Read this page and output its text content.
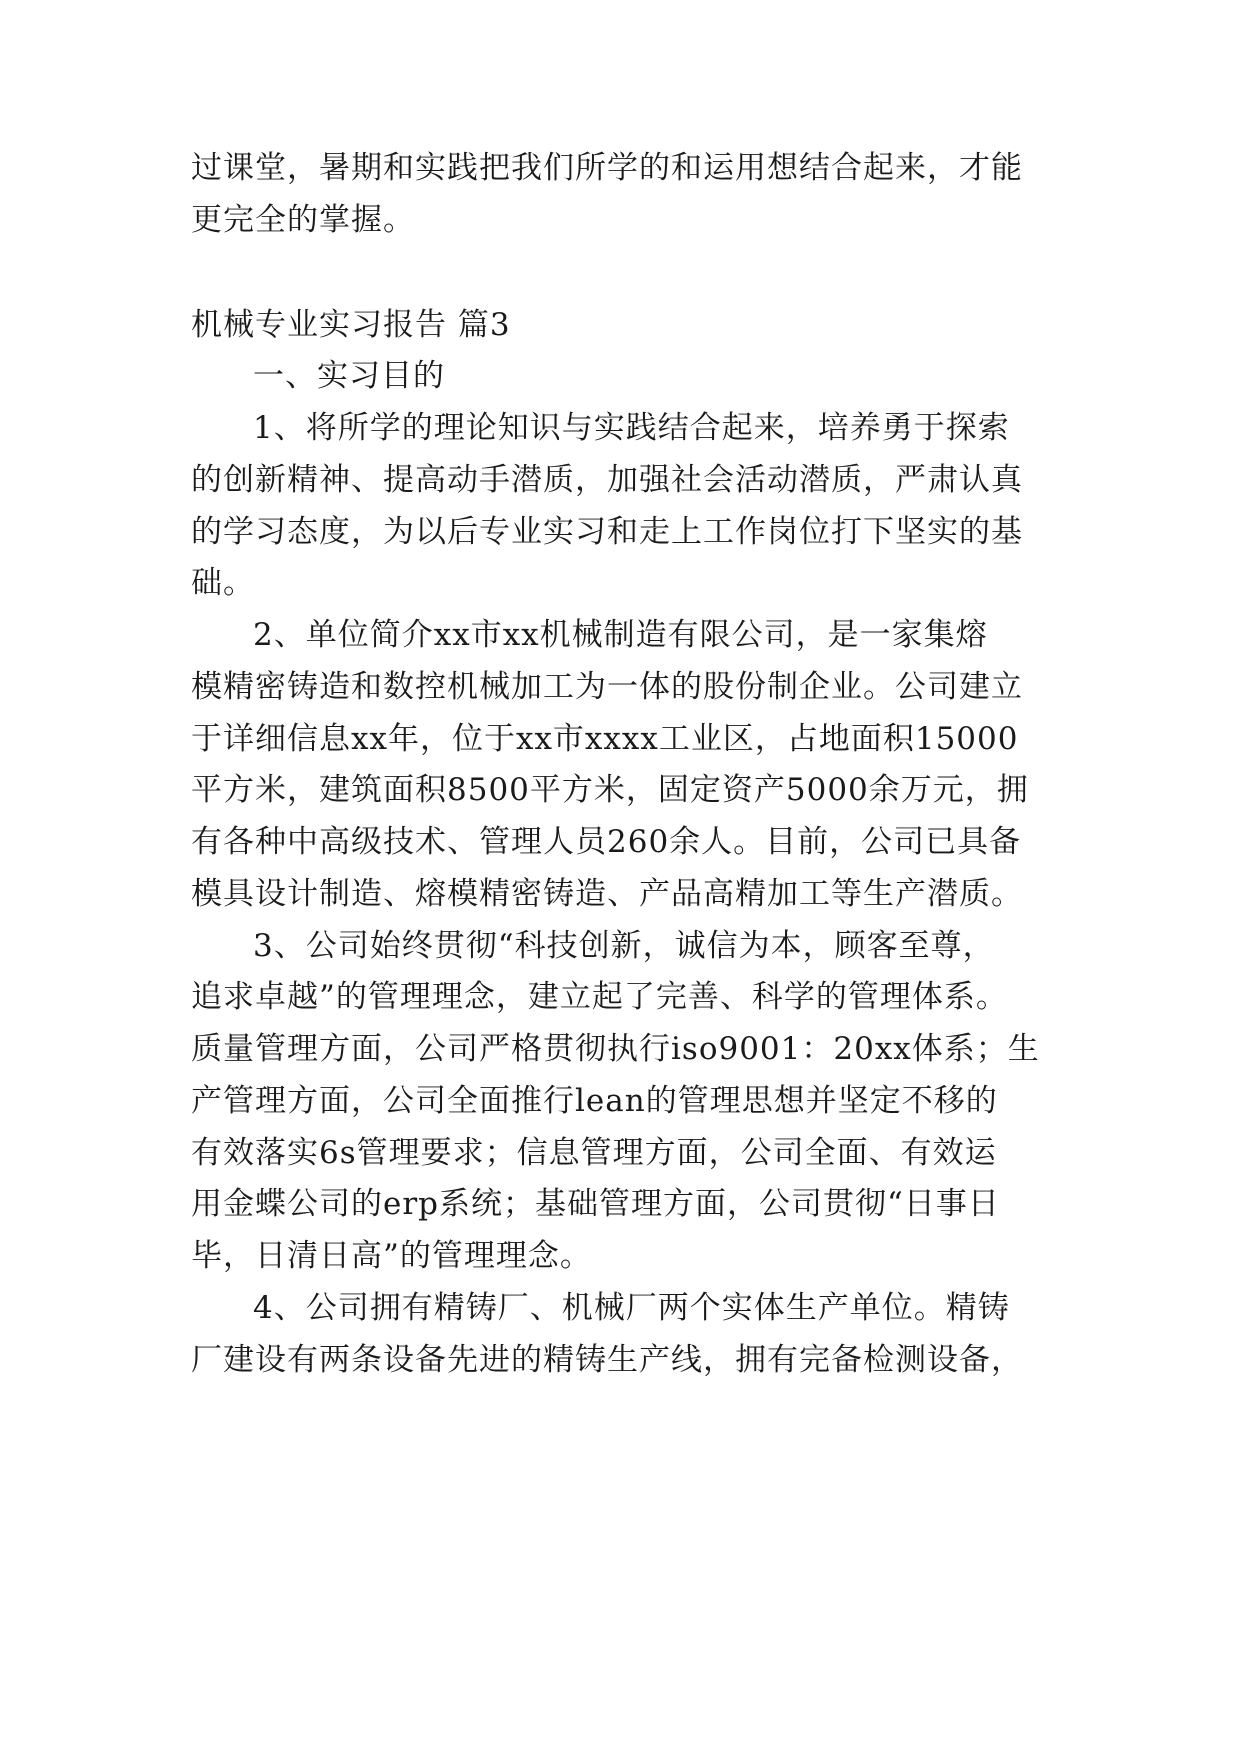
过课堂，暑期和实践把我们所学的和运用想结合起来，才能
更完全的掌握。
机械专业实习报告 篇3
一、实习目的
1、将所学的理论知识与实践结合起来，培养勇于探索
的创新精神、提高动手潜质，加强社会活动潜质，严肃认真
的学习态度，为以后专业实习和走上工作岗位打下坚实的基
础。
2、单位简介xx市xx机械制造有限公司，是一家集熔
模精密铸造和数控机械加工为一体的股份制企业。公司建立
于详细信息xx年，位于xx市xxxx工业区，占地面积15000
平方米，建筑面积8500平方米，固定资产5000余万元，拥
有各种中高级技术、管理人员260余人。目前，公司已具备
模具设计制造、熔模精密铸造、产品高精加工等生产潜质。
3、公司始终贯彻“科技创新，诚信为本，顾客至尊，
追求卓越”的管理理念，建立起了完善、科学的管理体系。
质量管理方面，公司严格贯彻执行iso9001：20xx体系；生
产管理方面，公司全面推行lean的管理思想并坚定不移的
有效落实6s管理要求；信息管理方面，公司全面、有效运
用金蝶公司的erp系统；基础管理方面，公司贯彻“日事日
毕，日清日高”的管理理念。
4、公司拥有精铸厂、机械厂两个实体生产单位。精铸
厂建设有两条设备先进的精铸生产线，拥有完备检测设备，
